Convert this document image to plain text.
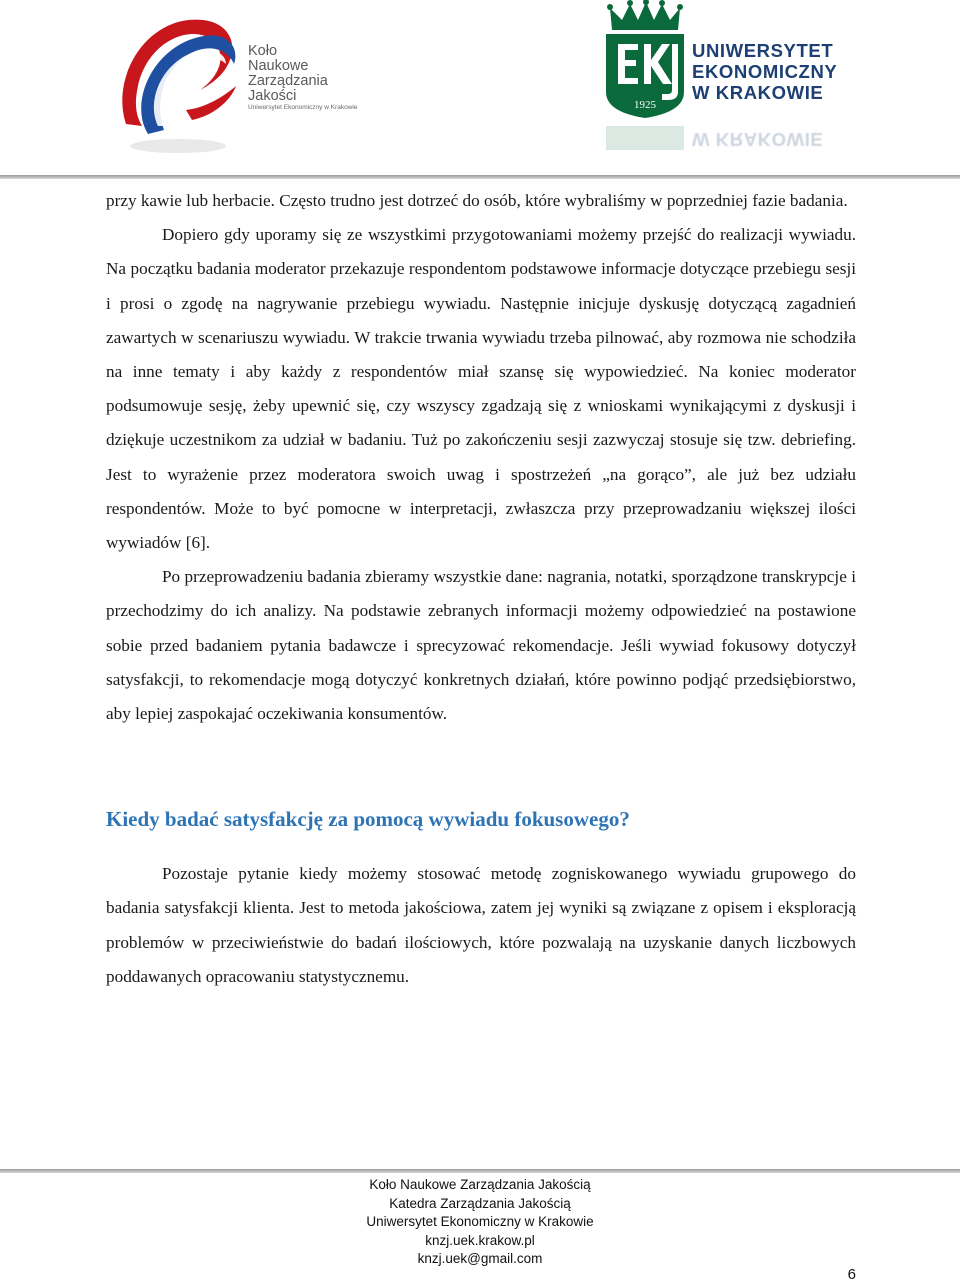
Koło
Naukowe
Zarządzania
Jakości
Uniwersytet Ekonomiczny w Krakowie	1925
UNIWERSYTET
EKONOMICZNY
W KRAKOWIE
W KRAKOWIE

przy kawie lub herbacie. Często trudno jest dotrzeć do osób, które wybraliśmy w poprzedniej fazie badania.

Dopiero gdy uporamy się ze wszystkimi przygotowaniami możemy przejść do realizacji wywiadu. Na początku badania moderator przekazuje respondentom podstawowe informacje dotyczące przebiegu sesji i prosi o zgodę na nagrywanie przebiegu wywiadu. Następnie inicjuje dyskusję dotyczącą zagadnień zawartych w scenariuszu wywiadu. W trakcie trwania wywiadu trzeba pilnować, aby rozmowa nie schodziła na inne tematy i aby każdy z respondentów miał szansę się wypowiedzieć. Na koniec moderator podsumowuje sesję, żeby upewnić się, czy wszyscy zgadzają się z wnioskami wynikającymi z dyskusji i dziękuje uczestnikom za udział w badaniu. Tuż po zakończeniu sesji zazwyczaj stosuje się tzw. debriefing. Jest to wyrażenie przez moderatora swoich uwag i spostrzeżeń „na gorąco”, ale już bez udziału respondentów. Może to być pomocne w interpretacji, zwłaszcza przy przeprowadzaniu większej ilości wywiadów [6].

Po przeprowadzeniu badania zbieramy wszystkie dane: nagrania, notatki, sporządzone transkrypcje i przechodzimy do ich analizy. Na podstawie zebranych informacji możemy odpowiedzieć na postawione sobie przed badaniem pytania badawcze i sprecyzować rekomendacje. Jeśli wywiad fokusowy dotyczył satysfakcji, to rekomendacje mogą dotyczyć konkretnych działań, które powinno podjąć przedsiębiorstwo, aby lepiej zaspokajać oczekiwania konsumentów.

Kiedy badać satysfakcję za pomocą wywiadu fokusowego?

Pozostaje pytanie kiedy możemy stosować metodę zogniskowanego wywiadu grupowego do badania satysfakcji klienta. Jest to metoda jakościowa, zatem jej wyniki są związane z opisem i eksploracją problemów w przeciwieństwie do badań ilościowych, które pozwalają na uzyskanie danych liczbowych poddawanych opracowaniu statystycznemu.

Koło Naukowe Zarządzania Jakością
Katedra Zarządzania Jakością
Uniwersytet Ekonomiczny w Krakowie
knzj.uek.krakow.pl
knzj.uek@gmail.com
6
